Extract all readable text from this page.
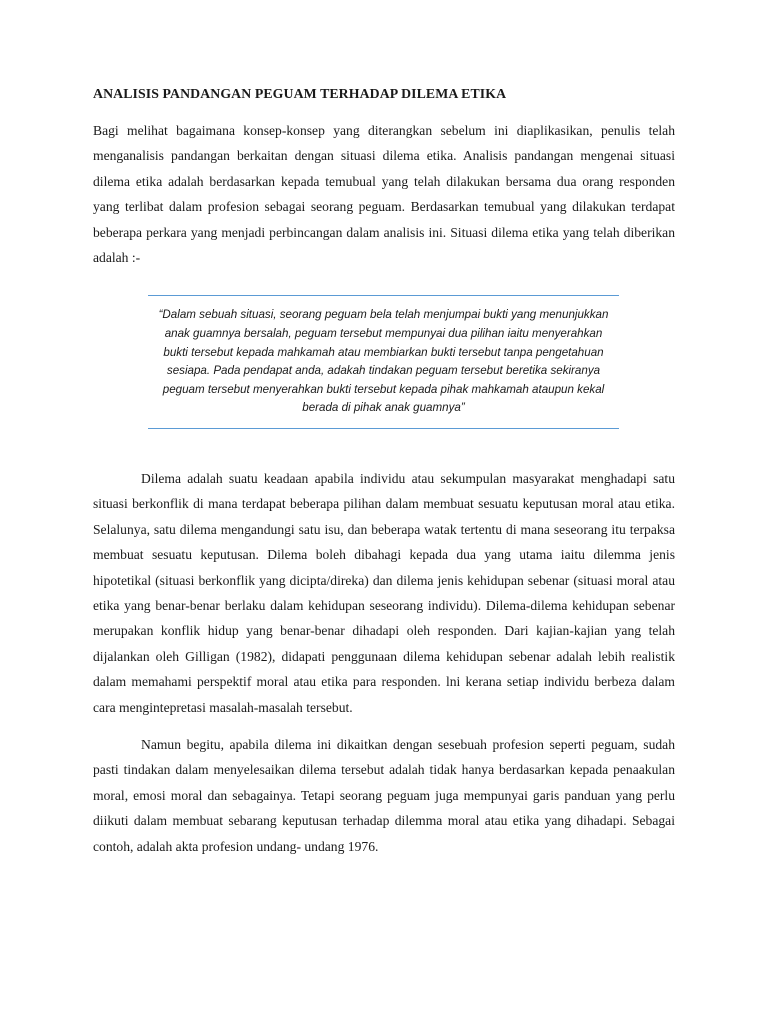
ANALISIS PANDANGAN PEGUAM TERHADAP DILEMA ETIKA

Bagi melihat bagaimana konsep-konsep yang diterangkan sebelum ini diaplikasikan, penulis telah menganalisis pandangan berkaitan dengan situasi dilema etika. Analisis pandangan mengenai situasi dilema etika adalah berdasarkan kepada temubual yang telah dilakukan bersama dua orang responden yang terlibat dalam profesion sebagai seorang peguam. Berdasarkan temubual yang dilakukan terdapat beberapa perkara yang menjadi perbincangan dalam analisis ini. Situasi dilema etika yang telah diberikan adalah :-

“Dalam sebuah situasi, seorang peguam bela telah menjumpai bukti yang menunjukkan anak guamnya bersalah, peguam tersebut mempunyai dua pilihan iaitu menyerahkan bukti tersebut kepada mahkamah atau membiarkan bukti tersebut tanpa pengetahuan sesiapa. Pada pendapat anda, adakah tindakan peguam tersebut beretika sekiranya peguam tersebut menyerahkan bukti tersebut kepada pihak mahkamah ataupun kekal berada di pihak anak guamnya”

Dilema adalah suatu keadaan apabila individu atau sekumpulan masyarakat menghadapi satu situasi berkonflik di mana terdapat beberapa pilihan dalam membuat sesuatu keputusan moral atau etika. Selalunya, satu dilema mengandungi satu isu, dan beberapa watak tertentu di mana seseorang itu terpaksa membuat sesuatu keputusan. Dilema boleh dibahagi kepada dua yang utama iaitu dilemma jenis hipotetikal (situasi berkonflik yang dicipta/direka) dan dilema jenis kehidupan sebenar (situasi moral atau etika yang benar-benar berlaku dalam kehidupan seseorang individu). Dilema-dilema kehidupan sebenar merupakan konflik hidup yang benar-benar dihadapi oleh responden. Dari kajian-kajian yang telah dijalankan oleh Gilligan (1982), didapati penggunaan dilema kehidupan sebenar adalah lebih realistik dalam memahami perspektif moral atau etika para responden. lni kerana setiap individu berbeza dalam cara mengintepretasi masalah-masalah tersebut.

Namun begitu, apabila dilema ini dikaitkan dengan sesebuah profesion seperti peguam, sudah pasti tindakan dalam menyelesaikan dilema tersebut adalah tidak hanya berdasarkan kepada penaakulan moral, emosi moral dan sebagainya. Tetapi seorang peguam juga mempunyai garis panduan yang perlu diikuti dalam membuat sebarang keputusan terhadap dilemma moral atau etika yang dihadapi. Sebagai contoh, adalah akta profesion undang- undang 1976.
